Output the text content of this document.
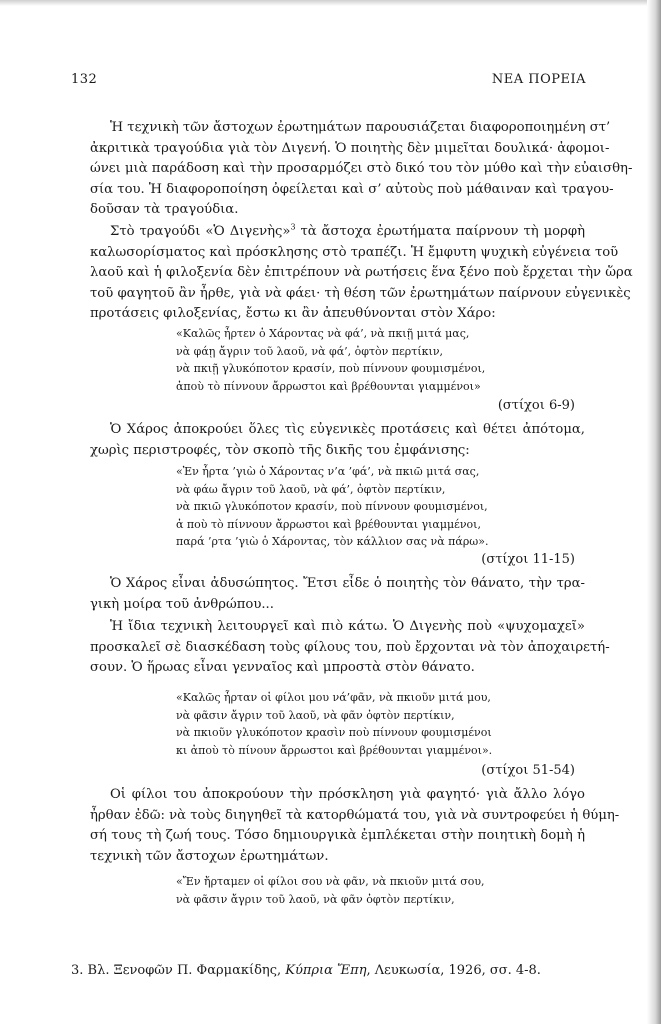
132	ΝΕΑ ΠΟΡΕΙΑ
Ἡ τεχνικὴ τῶν ἄστοχων ἐρωτημάτων παρουσιάζεται διαφοροποιημένη στ’
ἀκριτικὰ τραγούδια γιὰ τὸν Διγενή. Ὁ ποιητὴς δὲν μιμεῖται δουλικά· ἀφομοι-
ώνει μιὰ παράδοση καὶ τὴν προσαρμόζει στὸ δικό του τὸν μύθο καὶ τὴν εὐαισθη-
σία του. Ἡ διαφοροποίηση ὀφείλεται καὶ σ’ αὐτοὺς ποὺ μάθαιναν καὶ τραγου-
δοῦσαν τὰ τραγούδια.
Στὸ τραγούδι «Ὁ Διγενὴς»$^3$ τὰ ἄστοχα ἐρωτήματα παίρνουν τὴ μορφὴ
καλωσορίσματος καὶ πρόσκλησης στὸ τραπέζι. Ἡ ἔμφυτη ψυχικὴ εὐγένεια τοῦ
λαοῦ καὶ ἡ φιλοξενία δὲν ἐπιτρέπουν νὰ ρωτήσεις ἕνα ξένο ποὺ ἔρχεται τὴν ὥρα
τοῦ φαγητοῦ ἂν ἦρθε, γιὰ νὰ φάει· τὴ θέση τῶν ἐρωτημάτων παίρνουν εὐγενικὲς
προτάσεις φιλοξενίας, ἔστω κι ἂν ἀπευθύνονται στὸν Χάρο:
«Καλῶς ἦρτεν ὁ Χάροντας νὰ φά’, νὰ πκιῇ μιτά μας,
νὰ φάῃ ἄγριν τοῦ λαοῦ, νὰ φά’, ὀφτὸν περτίκιν,
νὰ πκιῇ γλυκόποτον κρασίν, ποὺ πίννουν φουμισμένοι,
ἀποὺ τὸ πίννουν ἄρρωστοι καὶ βρέθουνται γιαμμένοι»
(στίχοι 6-9)
Ὁ Χάρος ἀποκρούει ὅλες τὶς εὐγενικὲς προτάσεις καὶ θέτει ἀπότομα,
χωρὶς περιστροφές, τὸν σκοπὸ τῆς δικῆς του ἐμφάνισης:
«Ἐν ἦρτα ’γιὼ ὁ Χάροντας ν’α ’φά’, νὰ πκιῶ μιτά σας,
νὰ φάω ἄγριν τοῦ λαοῦ, νὰ φά’, ὀφτὸν περτίκιν,
νὰ πκιῶ γλυκόποτον κρασίν, ποὺ πίννουν φουμισμένοι,
ἀ ποὺ τὸ πίννουν ἄρρωστοι καὶ βρέθουνται γιαμμένοι,
παρά ’ρτα ’γιὼ ὁ Χάροντας, τὸν κάλλιον σας νὰ πάρω».
(στίχοι 11-15)
Ὁ Χάρος εἶναι ἀδυσώπητος. Ἔτσι εἶδε ὁ ποιητὴς τὸν θάνατο, τὴν τρα-
γικὴ μοίρα τοῦ ἀνθρώπου...
Ἡ ἴδια τεχνικὴ λειτουργεῖ καὶ πιὸ κάτω. Ὁ Διγενὴς ποὺ «ψυχομαχεῖ»
προσκαλεῖ σὲ διασκέδαση τοὺς φίλους του, ποὺ ἔρχονται νὰ τὸν ἀποχαιρετή-
σουν. Ὁ ἥρωας εἶναι γενναῖος καὶ μπροστὰ στὸν θάνατο.
«Καλῶς ἦρταν οἱ φίλοι μου νά’φᾶν, νὰ πκιοῦν μιτά μου,
νὰ φᾶσιν ἄγριν τοῦ λαοῦ, νὰ φᾶν ὀφτὸν περτίκιν,
νὰ πκιοῦν γλυκόποτον κρασὶν ποὺ πίννουν φουμισμένοι
κι ἀποὺ τὸ πίνουν ἄρρωστοι καὶ βρέθουνται γιαμμένοι».
(στίχοι 51-54)
Οἱ φίλοι του ἀποκρούουν τὴν πρόσκληση γιὰ φαγητό· γιὰ ἄλλο λόγο
ἦρθαν ἐδῶ: νὰ τοὺς διηγηθεῖ τὰ κατορθώματά του, γιὰ νὰ συντροφεύει ἡ θύμη-
σή τους τὴ ζωή τους. Τόσο δημιουργικὰ ἐμπλέκεται στὴν ποιητικὴ δομὴ ἡ
τεχνικὴ τῶν ἄστοχων ἐρωτημάτων.
«Ἔν ἤρταμεν οἱ φίλοι σου νὰ φᾶν, νὰ πκιοῦν μιτά σου,
νὰ φᾶσιν ἄγριν τοῦ λαοῦ, νὰ φᾶν ὀφτὸν περτίκιν,
3. Βλ. Ξενοφῶν Π. Φαρμακίδης, Κύπρια Ἔπη, Λευκωσία, 1926, σσ. 4-8.
